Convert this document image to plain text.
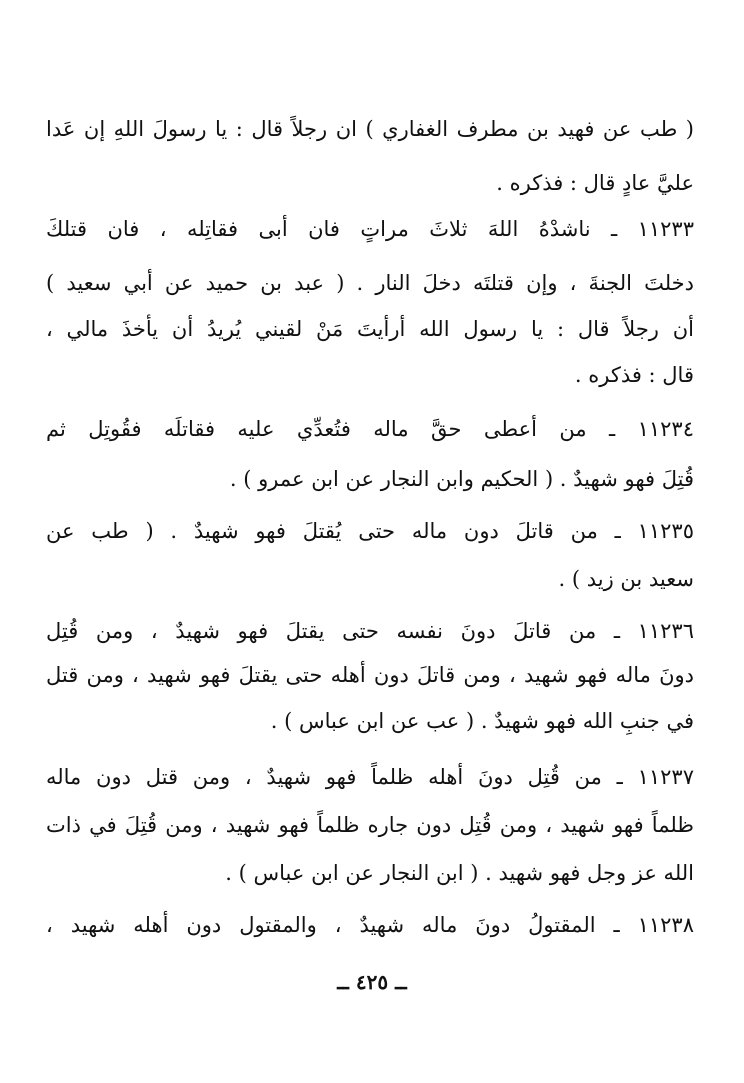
( طب عن فهيد بن مطرف الغفاري ) ان رجلاً قال : يا رسولَ اللهِ إن عَدا
عليَّ عادٍ قال : فذكره .
١١٢٣٣ ـ ناشدْهُ اللهَ ثلاثَ مراتٍ فان أبى فقاتِله ، فان قتلكَ
دخلتَ الجنةَ ، وإن قتلتَه دخلَ النار . ( عبد بن حميد عن أبي سعيد )
أن رجلاً قال : يا رسول الله أرأيتَ مَنْ لقيني يُريدُ أن يأخذَ مالي ،
قال : فذكره .
١١٢٣٤ ـ من أعطى حقَّ ماله فتُعدِّي عليه فقاتلَه فقُوتِل ثم
قُتِلَ فهو شهيدٌ . ( الحكيم وابن النجار عن ابن عمرو ) .
١١٢٣٥ ـ من قاتلَ دون ماله حتى يُقتلَ فهو شهيدٌ . ( طب عن
سعيد بن زيد ) .
١١٢٣٦ ـ من قاتلَ دونَ نفسه حتى يقتلَ فهو شهيدٌ ، ومن قُتِل
دونَ ماله فهو شهيد ، ومن قاتلَ دون أهله حتى يقتلَ فهو شهيد ، ومن قتل
في جنبِ الله فهو شهيدٌ . ( عب عن ابن عباس ) .
١١٢٣٧ ـ من قُتِل دونَ أهله ظلماً فهو شهيدٌ ، ومن قتل دون ماله
ظلماً فهو شهيد ، ومن قُتِل دون جاره ظلماً فهو شهيد ، ومن قُتِلَ في ذات
الله عز وجل فهو شهيد . ( ابن النجار عن ابن عباس ) .
١١٢٣٨ ـ المقتولُ دونَ ماله شهيدٌ ، والمقتول دون أهله شهيد ،
ــ ٤٢٥ ــ
